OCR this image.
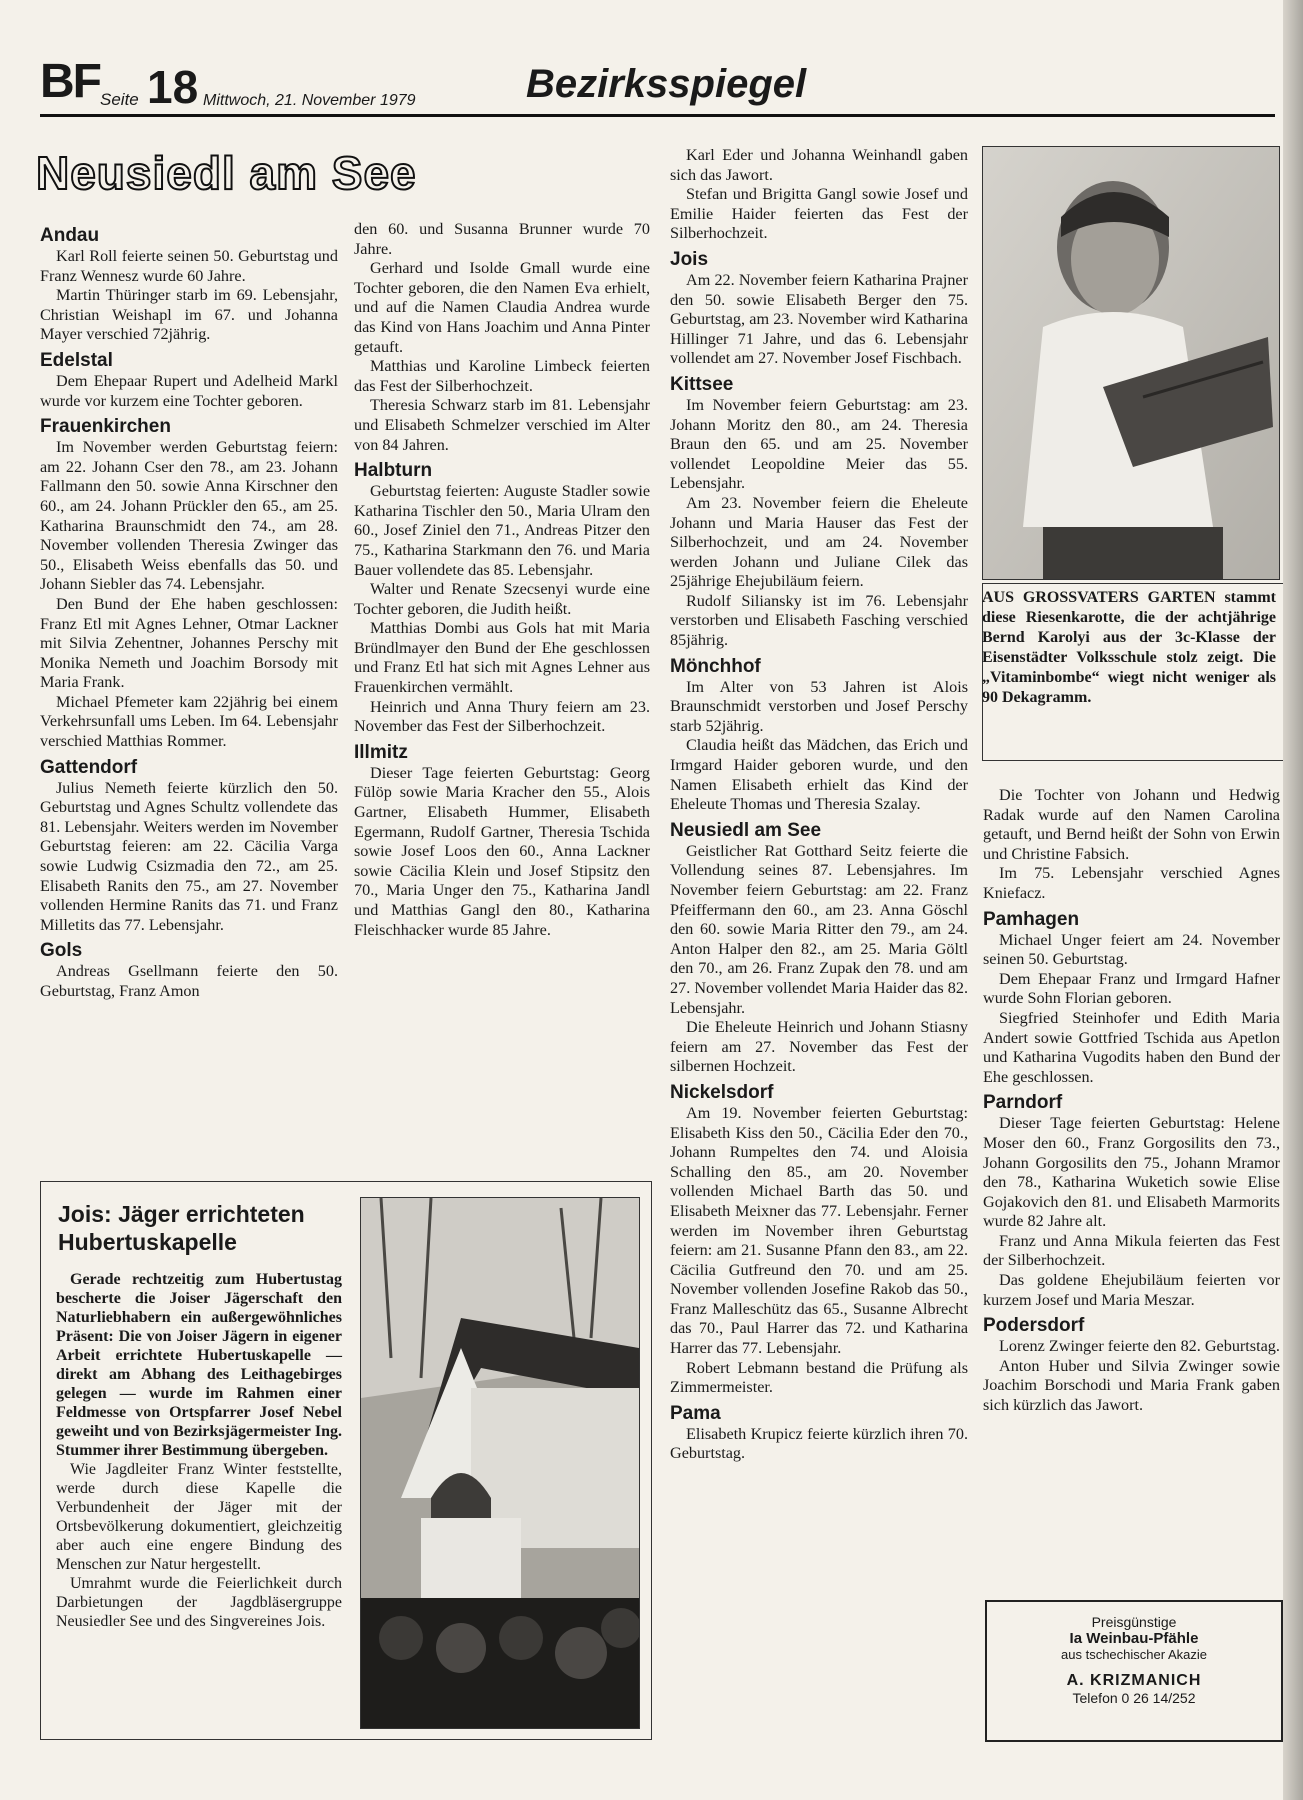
BF Seite 18 Mittwoch, 21. November 1979	Bezirksspiegel
Neusiedl am See
Andau

Karl Roll feierte seinen 50. Geburtstag und Franz Wennesz wurde 60 Jahre.

Martin Thüringer starb im 69. Lebensjahr, Christian Weishapl im 67. und Johanna Mayer verschied 72jährig.

Edelstal

Dem Ehepaar Rupert und Adelheid Markl wurde vor kurzem eine Tochter geboren.

Frauenkirchen

Im November werden Geburtstag feiern: am 22. Johann Cser den 78., am 23. Johann Fallmann den 50. sowie Anna Kirschner den 60., am 24. Johann Prückler den 65., am 25. Katharina Braunschmidt den 74., am 28. November vollenden Theresia Zwinger das 50., Elisabeth Weiss ebenfalls das 50. und Johann Siebler das 74. Lebensjahr.

Den Bund der Ehe haben geschlossen: Franz Etl mit Agnes Lehner, Otmar Lackner mit Silvia Zehentner, Johannes Perschy mit Monika Nemeth und Joachim Borsody mit Maria Frank.

Michael Pfemeter kam 22jährig bei einem Verkehrsunfall ums Leben. Im 64. Lebensjahr verschied Matthias Rommer.

Gattendorf

Julius Nemeth feierte kürzlich den 50. Geburtstag und Agnes Schultz vollendete das 81. Lebensjahr. Weiters werden im November Geburtstag feieren: am 22. Cäcilia Varga sowie Ludwig Csizmadia den 72., am 25. Elisabeth Ranits den 75., am 27. November vollenden Hermine Ranits das 71. und Franz Milletits das 77. Lebensjahr.

Gols

Andreas Gsellmann feierte den 50. Geburtstag, Franz Amon

den 60. und Susanna Brunner wurde 70 Jahre.

Gerhard und Isolde Gmall wurde eine Tochter geboren, die den Namen Eva erhielt, und auf die Namen Claudia Andrea wurde das Kind von Hans Joachim und Anna Pinter getauft.

Matthias und Karoline Limbeck feierten das Fest der Silberhochzeit.

Theresia Schwarz starb im 81. Lebensjahr und Elisabeth Schmelzer verschied im Alter von 84 Jahren.

Halbturn

Geburtstag feierten: Auguste Stadler sowie Katharina Tischler den 50., Maria Ulram den 60., Josef Ziniel den 71., Andreas Pitzer den 75., Katharina Starkmann den 76. und Maria Bauer vollendete das 85. Lebensjahr.

Walter und Renate Szecsenyi wurde eine Tochter geboren, die Judith heißt.

Matthias Dombi aus Gols hat mit Maria Bründlmayer den Bund der Ehe geschlossen und Franz Etl hat sich mit Agnes Lehner aus Frauenkirchen vermählt.

Heinrich und Anna Thury feiern am 23. November das Fest der Silberhochzeit.

Illmitz

Dieser Tage feierten Geburtstag: Georg Fülöp sowie Maria Kracher den 55., Alois Gartner, Elisabeth Hummer, Elisabeth Egermann, Rudolf Gartner, Theresia Tschida sowie Josef Loos den 60., Anna Lackner sowie Cäcilia Klein und Josef Stipsitz den 70., Maria Unger den 75., Katharina Jandl und Matthias Gangl den 80., Katharina Fleischhacker wurde 85 Jahre.

Karl Eder und Johanna Weinhandl gaben sich das Jawort.

Stefan und Brigitta Gangl sowie Josef und Emilie Haider feierten das Fest der Silberhochzeit.

Jois

Am 22. November feiern Katharina Prajner den 50. sowie Elisabeth Berger den 75. Geburtstag, am 23. November wird Katharina Hillinger 71 Jahre, und das 6. Lebensjahr vollendet am 27. November Josef Fischbach.

Kittsee

Im November feiern Geburtstag: am 23. Johann Moritz den 80., am 24. Theresia Braun den 65. und am 25. November vollendet Leopoldine Meier das 55. Lebensjahr.

Am 23. November feiern die Eheleute Johann und Maria Hauser das Fest der Silberhochzeit, und am 24. November werden Johann und Juliane Cilek das 25jährige Ehejubiläum feiern.

Rudolf Siliansky ist im 76. Lebensjahr verstorben und Elisabeth Fasching verschied 85jährig.

Mönchhof

Im Alter von 53 Jahren ist Alois Braunschmidt verstorben und Josef Perschy starb 52jährig.

Claudia heißt das Mädchen, das Erich und Irmgard Haider geboren wurde, und den Namen Elisabeth erhielt das Kind der Eheleute Thomas und Theresia Szalay.

Neusiedl am See

Geistlicher Rat Gotthard Seitz feierte die Vollendung seines 87. Lebensjahres. Im November feiern Geburtstag: am 22. Franz Pfeiffermann den 60., am 23. Anna Göschl den 60. sowie Maria Ritter den 79., am 24. Anton Halper den 82., am 25. Maria Göltl den 70., am 26. Franz Zupak den 78. und am 27. November vollendet Maria Haider das 82. Lebensjahr.

Die Eheleute Heinrich und Johann Stiasny feiern am 27. November das Fest der silbernen Hochzeit.

Nickelsdorf

Am 19. November feierten Geburtstag: Elisabeth Kiss den 50., Cäcilia Eder den 70., Johann Rumpeltes den 74. und Aloisia Schalling den 85., am 20. November vollenden Michael Barth das 50. und Elisabeth Meixner das 77. Lebensjahr. Ferner werden im November ihren Geburtstag feiern: am 21. Susanne Pfann den 83., am 22. Cäcilia Gutfreund den 70. und am 25. November vollenden Josefine Rakob das 50., Franz Malleschütz das 65., Susanne Albrecht das 70., Paul Harrer das 72. und Katharina Harrer das 77. Lebensjahr.

Robert Lebmann bestand die Prüfung als Zimmermeister.

Pama

Elisabeth Krupicz feierte kürzlich ihren 70. Geburtstag.

AUS GROSSVATERS GARTEN stammt diese Riesenkarotte, die der achtjährige Bernd Karolyi aus der 3c-Klasse der Eisenstädter Volksschule stolz zeigt. Die „Vitaminbombe“ wiegt nicht weniger als 90 Dekagramm.

Die Tochter von Johann und Hedwig Radak wurde auf den Namen Carolina getauft, und Bernd heißt der Sohn von Erwin und Christine Fabsich.

Im 75. Lebensjahr verschied Agnes Kniefacz.

Pamhagen

Michael Unger feiert am 24. November seinen 50. Geburtstag.

Dem Ehepaar Franz und Irmgard Hafner wurde Sohn Florian geboren.

Siegfried Steinhofer und Edith Maria Andert sowie Gottfried Tschida aus Apetlon und Katharina Vugodits haben den Bund der Ehe geschlossen.

Parndorf

Dieser Tage feierten Geburtstag: Helene Moser den 60., Franz Gorgosilits den 73., Johann Gorgosilits den 75., Johann Mramor den 78., Katharina Wuketich sowie Elise Gojakovich den 81. und Elisabeth Marmorits wurde 82 Jahre alt.

Franz und Anna Mikula feierten das Fest der Silberhochzeit.

Das goldene Ehejubiläum feierten vor kurzem Josef und Maria Meszar.

Podersdorf

Lorenz Zwinger feierte den 82. Geburtstag.

Anton Huber und Silvia Zwinger sowie Joachim Borschodi und Maria Frank gaben sich kürzlich das Jawort.

Jois: Jäger errichteten Hubertuskapelle

Gerade rechtzeitig zum Hubertustag bescherte die Joiser Jägerschaft den Naturliebhabern ein außergewöhnliches Präsent: Die von Joiser Jägern in eigener Arbeit errichtete Hubertuskapelle — direkt am Abhang des Leithagebirges gelegen — wurde im Rahmen einer Feldmesse von Ortspfarrer Josef Nebel geweiht und von Bezirksjägermeister Ing. Stummer ihrer Bestimmung übergeben.

Wie Jagdleiter Franz Winter feststellte, werde durch diese Kapelle die Verbundenheit der Jäger mit der Ortsbevölkerung dokumentiert, gleichzeitig aber auch eine engere Bindung des Menschen zur Natur hergestellt.

Umrahmt wurde die Feierlichkeit durch Darbietungen der Jagdbläsergruppe Neusiedler See und des Singvereines Jois.	Preisgünstige
Ia Weinbau-Pfähle
aus tschechischer Akazie
A. KRIZMANICH
Telefon 0 26 14/252
